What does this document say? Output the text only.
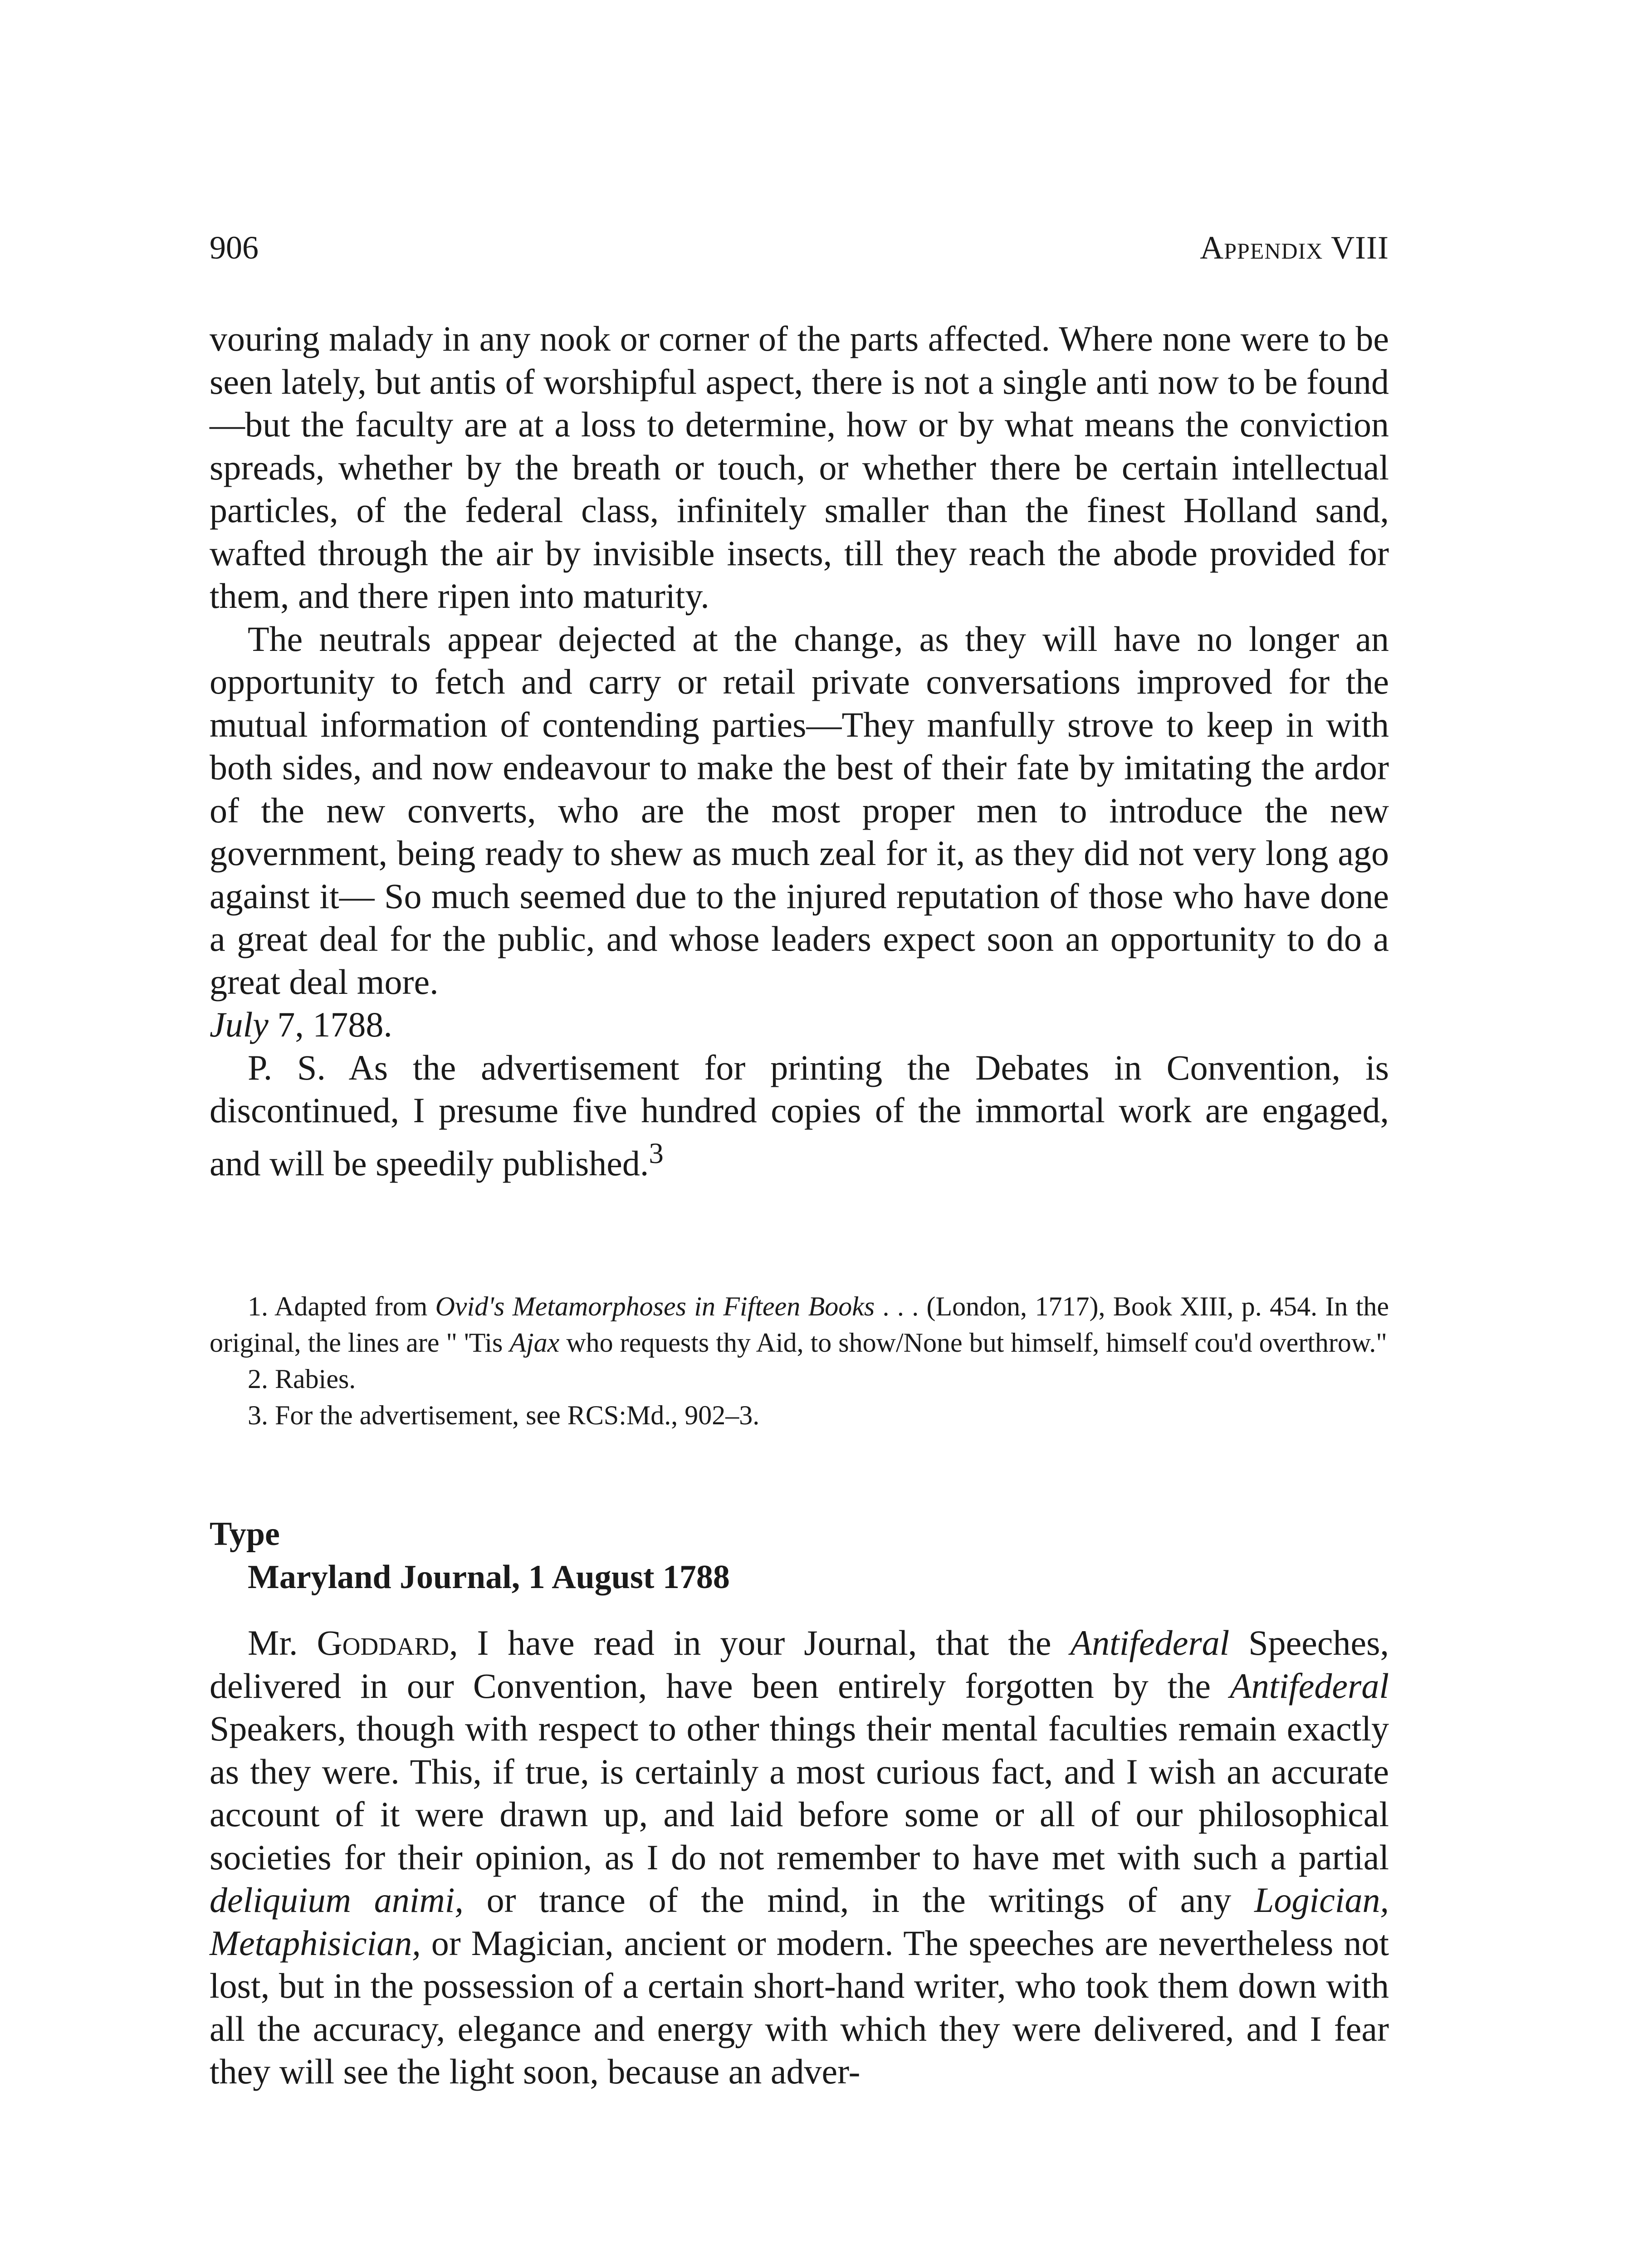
906	Appendix VIII

vouring malady in any nook or corner of the parts affected. Where none were to be seen lately, but antis of worshipful aspect, there is not a single anti now to be found—but the faculty are at a loss to determine, how or by what means the conviction spreads, whether by the breath or touch, or whether there be certain intellectual particles, of the federal class, infinitely smaller than the finest Holland sand, wafted through the air by invisible insects, till they reach the abode provided for them, and there ripen into maturity.

The neutrals appear dejected at the change, as they will have no longer an opportunity to fetch and carry or retail private conversations improved for the mutual information of contending parties—They manfully strove to keep in with both sides, and now endeavour to make the best of their fate by imitating the ardor of the new converts, who are the most proper men to introduce the new government, being ready to shew as much zeal for it, as they did not very long ago against it— So much seemed due to the injured reputation of those who have done a great deal for the public, and whose leaders expect soon an opportunity to do a great deal more.

July 7, 1788.

P. S. As the advertisement for printing the Debates in Convention, is discontinued, I presume five hundred copies of the immortal work are engaged, and will be speedily published.$^3$

1. Adapted from Ovid's Metamorphoses in Fifteen Books . . . (London, 1717), Book XIII, p. 454. In the original, the lines are " 'Tis Ajax who requests thy Aid, to show/None but himself, himself cou'd overthrow."

2. Rabies.

3. For the advertisement, see RCS:Md., 902–3.

Type
Maryland Journal, 1 August 1788

Mr. Goddard, I have read in your Journal, that the Antifederal Speeches, delivered in our Convention, have been entirely forgotten by the Antifederal Speakers, though with respect to other things their mental faculties remain exactly as they were. This, if true, is certainly a most curious fact, and I wish an accurate account of it were drawn up, and laid before some or all of our philosophical societies for their opinion, as I do not remember to have met with such a partial deliquium animi, or trance of the mind, in the writings of any Logician, Metaphisician, or Magician, ancient or modern. The speeches are nevertheless not lost, but in the possession of a certain short-hand writer, who took them down with all the accuracy, elegance and energy with which they were delivered, and I fear they will see the light soon, because an adver-
